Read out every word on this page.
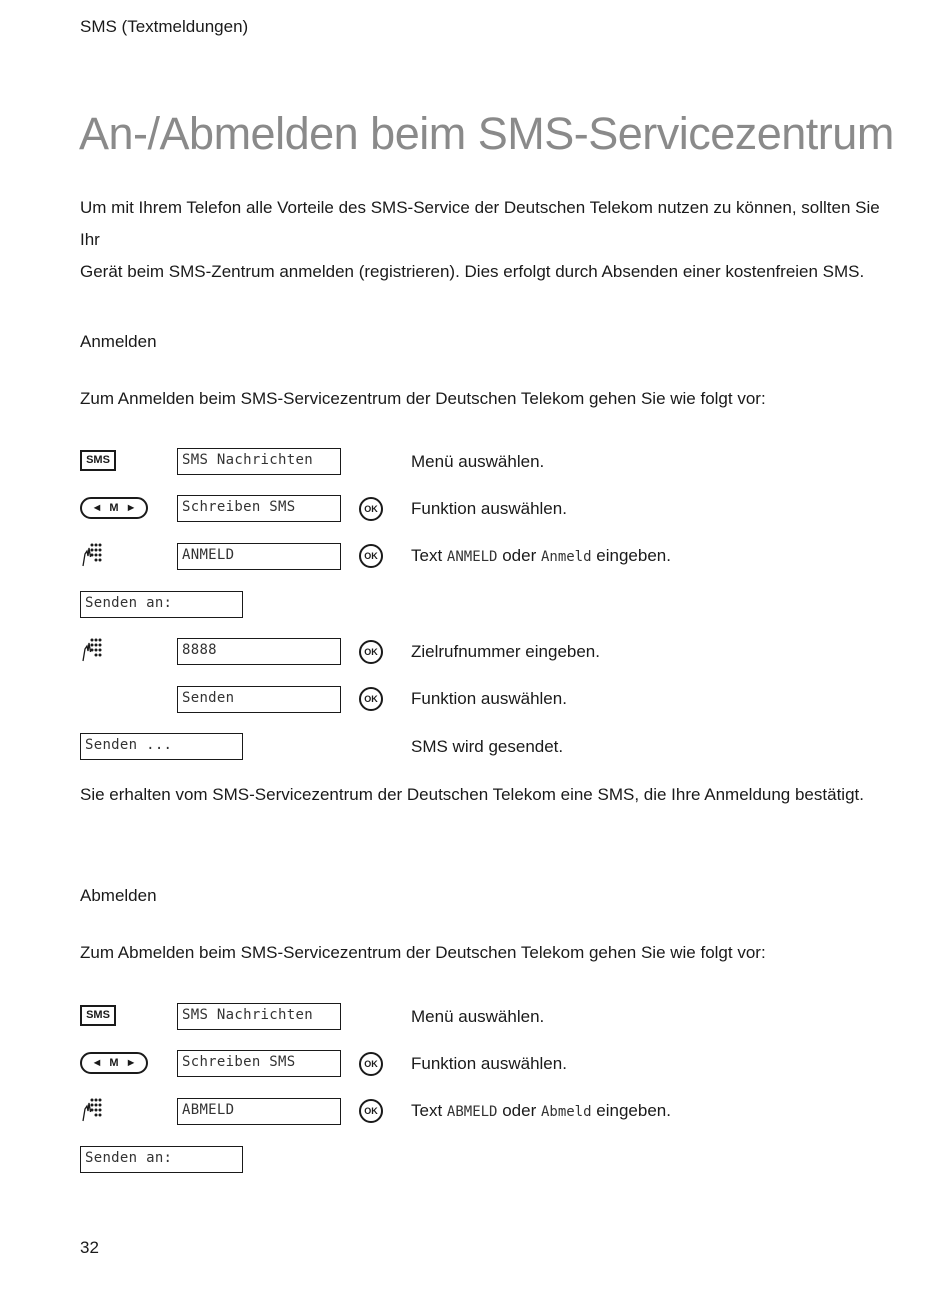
SMS (Textmeldungen)
An-/Abmelden beim SMS-Servicezentrum
Um mit Ihrem Telefon alle Vorteile des SMS-Service der Deutschen Telekom nutzen zu können, sollten Sie Ihr
Gerät beim SMS-Zentrum anmelden (registrieren). Dies erfolgt durch Absenden einer kostenfreien SMS.
Anmelden
Zum Anmelden beim SMS-Servicezentrum der Deutschen Telekom gehen Sie wie folgt vor:
SMS	SMS Nachrichten	Menü auswählen.
◄ M ►	Schreiben SMS	OK	Funktion auswählen.
ANMELD	OK	Text ANMELD oder Anmeld eingeben.
Senden an:
8888	OK	Zielrufnummer eingeben.
Senden	OK	Funktion auswählen.
Senden ...	SMS wird gesendet.
Sie erhalten vom SMS-Servicezentrum der Deutschen Telekom eine SMS, die Ihre Anmeldung bestätigt.
Abmelden
Zum Abmelden beim SMS-Servicezentrum der Deutschen Telekom gehen Sie wie folgt vor:
SMS	SMS Nachrichten	Menü auswählen.
◄ M ►	Schreiben SMS	OK	Funktion auswählen.
ABMELD	OK	Text ABMELD oder Abmeld eingeben.
Senden an:
32
